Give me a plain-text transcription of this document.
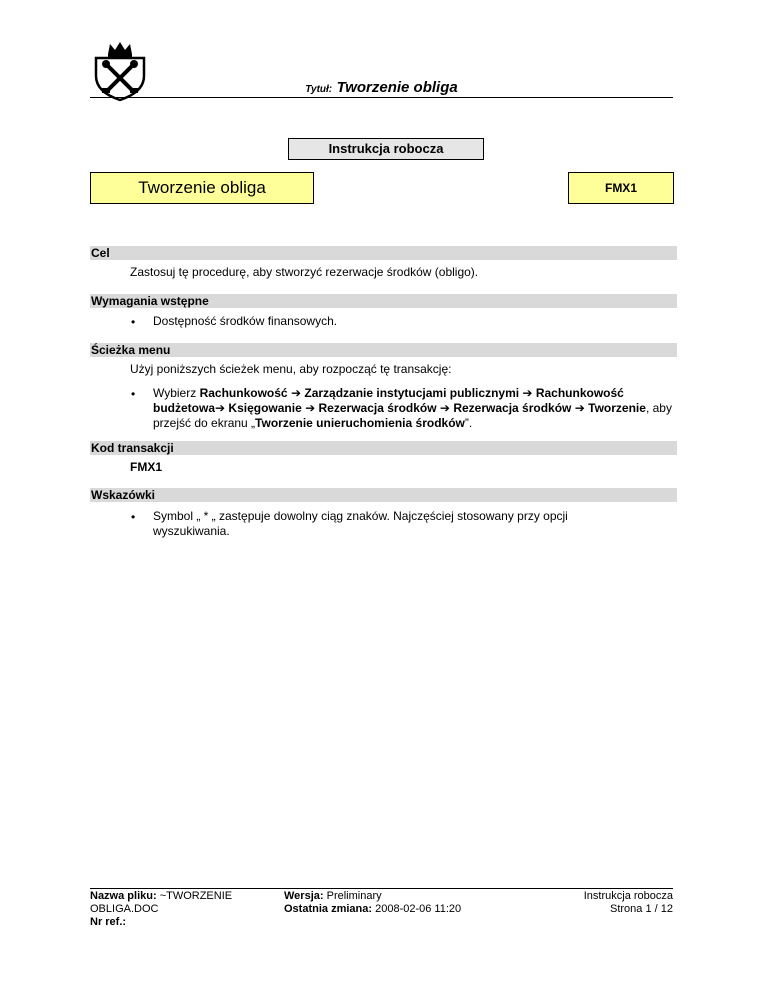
Tytuł: Tworzenie obliga
Instrukcja robocza
Tworzenie obliga	FMX1
Cel
Zastosuj tę procedurę, aby stworzyć rezerwacje środków (obligo).
Wymagania wstępne
• Dostępność środków finansowych.
Ścieżka menu
Użyj poniższych ścieżek menu, aby rozpocząć tę transakcję:
• Wybierz Rachunkowość ➔ Zarządzanie instytucjami publicznymi ➔ Rachunkowość budżetowa➔ Księgowanie ➔ Rezerwacja środków ➔ Rezerwacja środków ➔ Tworzenie, aby przejść do ekranu „Tworzenie unieruchomienia środków”.
Kod transakcji
FMX1
Wskazówki
• Symbol „ * „ zastępuje dowolny ciąg znaków. Najczęściej stosowany przy opcji
wyszukiwania.
Nazwa pliku: ~TWORZENIE
OBLIGA.DOC
Nr ref.:
Wersja: Preliminary
Ostatnia zmiana: 2008-02-06 11:20
Instrukcja robocza
Strona 1 / 12
